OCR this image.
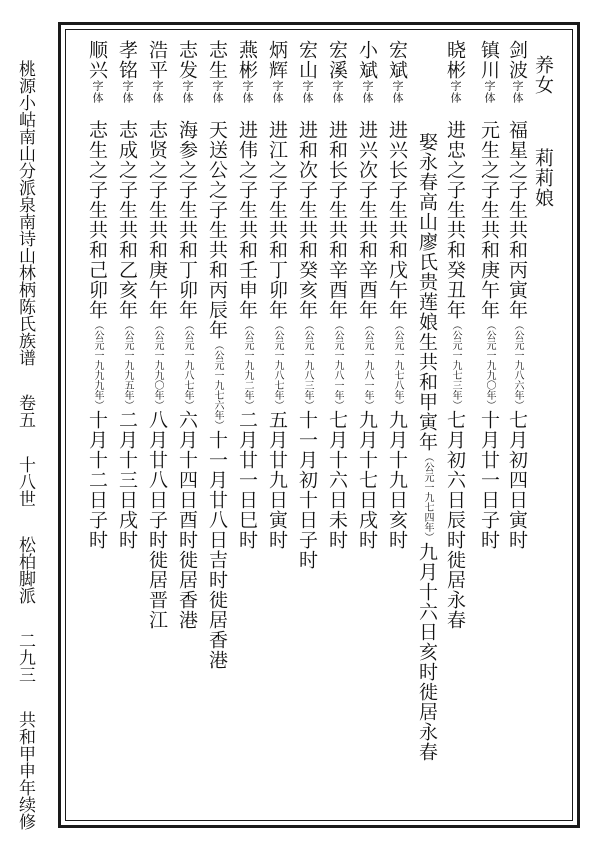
桃源小岵南山分派泉南诗山林柄陈氏族谱
卷五
十八世
松柏脚派
二九三
共和甲申年续修
剑波字体福星之子生共和丙寅年（公元一九八六年）七月初四日寅时
养女
莉莉娘
镇川字体元生之子生共和庚午年（公元一九九〇年）十月廿一日子时
晓彬字体进忠之子生共和癸丑年（公元一九七三年）七月初六日辰时徙居永春
娶永春高山廖氏贵莲娘生共和甲寅年（公元一九七四年）九月十六日亥时徙居永春
宏斌字体进兴长子生共和戊午年（公元一九七八年）九月十九日亥时
小斌字体进兴次子生共和辛酉年（公元一九八一年）九月十七日戌时
宏溪字体进和长子生共和辛酉年（公元一九八一年）七月十六日未时
宏山字体进和次子生共和癸亥年（公元一九八三年）十一月初十日子时
炳辉字体进江之子生共和丁卯年（公元一九八七年）五月廿九日寅时
燕彬字体进伟之子生共和壬申年（公元一九九二年）二月廿一日巳时
志生字体天送公之子生共和丙辰年（公元一九七六年）十一月廿八日吉时徙居香港
志发字体海参之子生共和丁卯年（公元一九八七年）六月十四日酉时徙居香港
浩平字体志贤之子生共和庚午年（公元一九九〇年）八月廿八日子时徙居晋江
孝铭字体志成之子生共和乙亥年（公元一九九五年）二月十三日戌时
顺兴字体志生之子生共和己卯年（公元一九九九年）十月十二日子时
